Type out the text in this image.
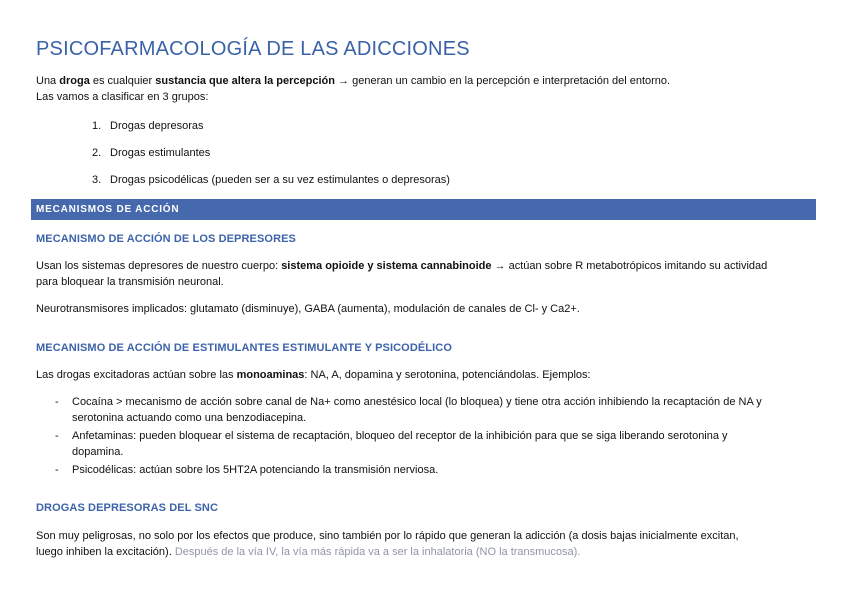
PSICOFARMACOLOGÍA DE LAS ADICCIONES
Una droga es cualquier sustancia que altera la percepción → generan un cambio en la percepción e interpretación del entorno.
Las vamos a clasificar en 3 grupos:
1. Drogas depresoras
2. Drogas estimulantes
3. Drogas psicodélicas (pueden ser a su vez estimulantes o depresoras)
MECANISMOS DE ACCIÓN
MECANISMO DE ACCIÓN DE LOS DEPRESORES
Usan los sistemas depresores de nuestro cuerpo: sistema opioide y sistema cannabinoide → actúan sobre R metabotrópicos imitando su actividad
para bloquear la transmisión neuronal.
Neurotransmisores implicados: glutamato (disminuye), GABA (aumenta), modulación de canales de Cl- y Ca2+.
MECANISMO DE ACCIÓN DE ESTIMULANTES ESTIMULANTE Y PSICODÉLICO
Las drogas excitadoras actúan sobre las monoaminas: NA, A, dopamina y serotonina, potenciándolas. Ejemplos:
- Cocaína > mecanismo de acción sobre canal de Na+ como anestésico local (lo bloquea) y tiene otra acción inhibiendo la recaptación de NA y
serotonina actuando como una benzodiacepina.
- Anfetaminas: pueden bloquear el sistema de recaptación, bloqueo del receptor de la inhibición para que se siga liberando serotonina y
dopamina.
- Psicodélicas: actúan sobre los 5HT2A potenciando la transmisión nerviosa.
DROGAS DEPRESORAS DEL SNC
Son muy peligrosas, no solo por los efectos que produce, sino también por lo rápido que generan la adicción (a dosis bajas inicialmente excitan,
luego inhiben la excitación). Después de la vía IV, la vía más rápida va a ser la inhalatoria (NO la transmucosa).
